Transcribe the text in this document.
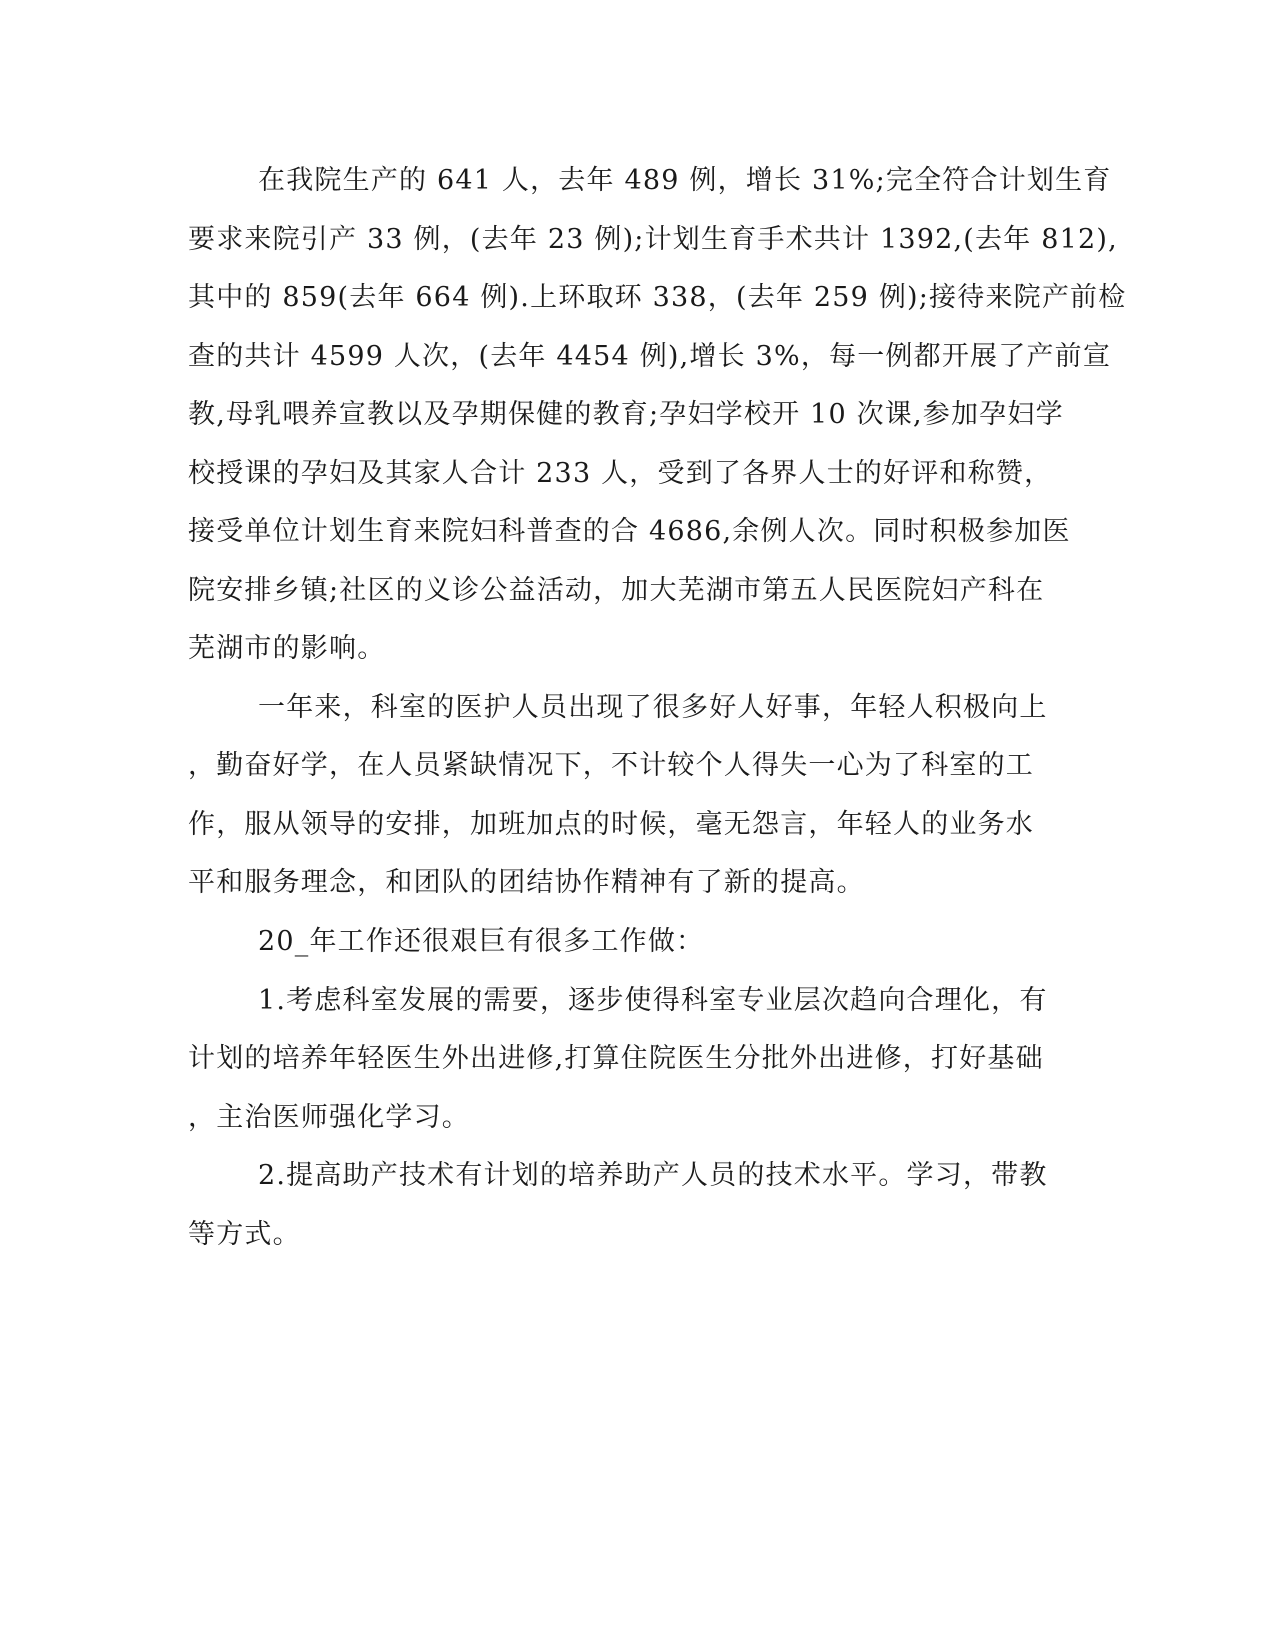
在我院生产的 641 人，去年 489 例，增长 31%;完全符合计划生育

要求来院引产 33 例，(去年 23 例);计划生育手术共计 1392,(去年 812),

其中的 859(去年 664 例).上环取环 338，(去年 259 例);接待来院产前检

查的共计 4599 人次，(去年 4454 例),增长 3%，每一例都开展了产前宣

教,母乳喂养宣教以及孕期保健的教育;孕妇学校开 10 次课,参加孕妇学

校授课的孕妇及其家人合计 233 人，受到了各界人士的好评和称赞，

接受单位计划生育来院妇科普查的合 4686,余例人次。同时积极参加医

院安排乡镇;社区的义诊公益活动，加大芜湖市第五人民医院妇产科在

芜湖市的影响。

一年来，科室的医护人员出现了很多好人好事，年轻人积极向上

，勤奋好学，在人员紧缺情况下，不计较个人得失一心为了科室的工

作，服从领导的安排，加班加点的时候，毫无怨言，年轻人的业务水

平和服务理念，和团队的团结协作精神有了新的提高。

20_年工作还很艰巨有很多工作做：

1.考虑科室发展的需要，逐步使得科室专业层次趋向合理化，有

计划的培养年轻医生外出进修,打算住院医生分批外出进修，打好基础

，主治医师强化学习。

2.提高助产技术有计划的培养助产人员的技术水平。学习，带教

等方式。
